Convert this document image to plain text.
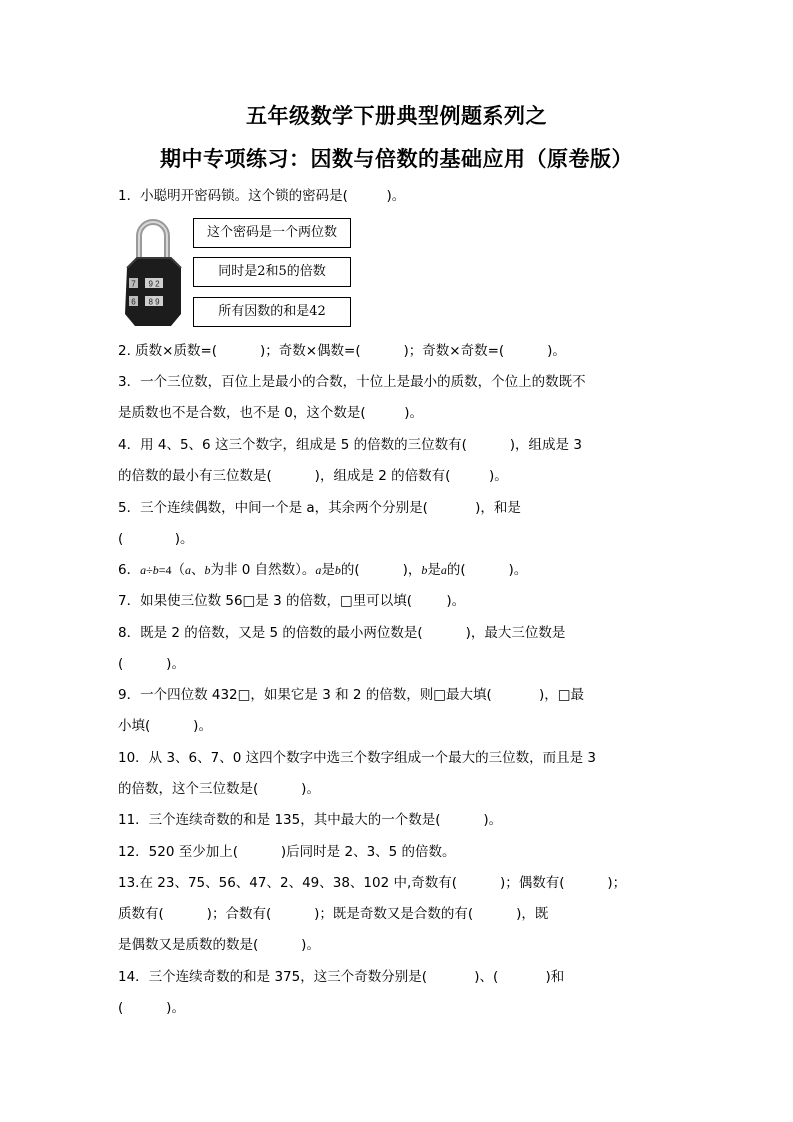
五年级数学下册典型例题系列之
期中专项练习：因数与倍数的基础应用（原卷版）
1．小聪明开密码锁。这个锁的密码是(         )。
7 9 2
6 8 9
这个密码是一个两位数
同时是2和5的倍数
所有因数的和是42
2. 质数×质数=(          )；奇数×偶数=(          )；奇数×奇数=(          )。
3．一个三位数，百位上是最小的合数，十位上是最小的质数，个位上的数既不
是质数也不是合数，也不是 0，这个数是(         )。
4．用 4、5、6 这三个数字，组成是 5 的倍数的三位数有(          )，组成是 3
的倍数的最小有三位数是(          )，组成是 2 的倍数有(         )。
5．三个连续偶数，中间一个是 a，其余两个分别是(           )，和是
(            )。
6．a÷b=4（a、b为非 0 自然数）。a是b的(          )，b是a的(          )。
7．如果使三位数 56□是 3 的倍数，□里可以填(        )。
8．既是 2 的倍数，又是 5 的倍数的最小两位数是(          )，最大三位数是
(          )。
9．一个四位数 432□，如果它是 3 和 2 的倍数，则□最大填(           )，□最
小填(          )。
10．从 3、6、7、0 这四个数字中选三个数字组成一个最大的三位数，而且是 3
的倍数，这个三位数是(          )。
11．三个连续奇数的和是 135，其中最大的一个数是(          )。
12．520 至少加上(          )后同时是 2、3、5 的倍数。
13.在 23、75、56、47、2、49、38、102 中,奇数有(          )；偶数有(          )；
质数有(          )；合数有(          )；既是奇数又是合数的有(          )，既
是偶数又是质数的数是(          )。
14．三个连续奇数的和是 375，这三个奇数分别是(           )、(           )和
(          )。
